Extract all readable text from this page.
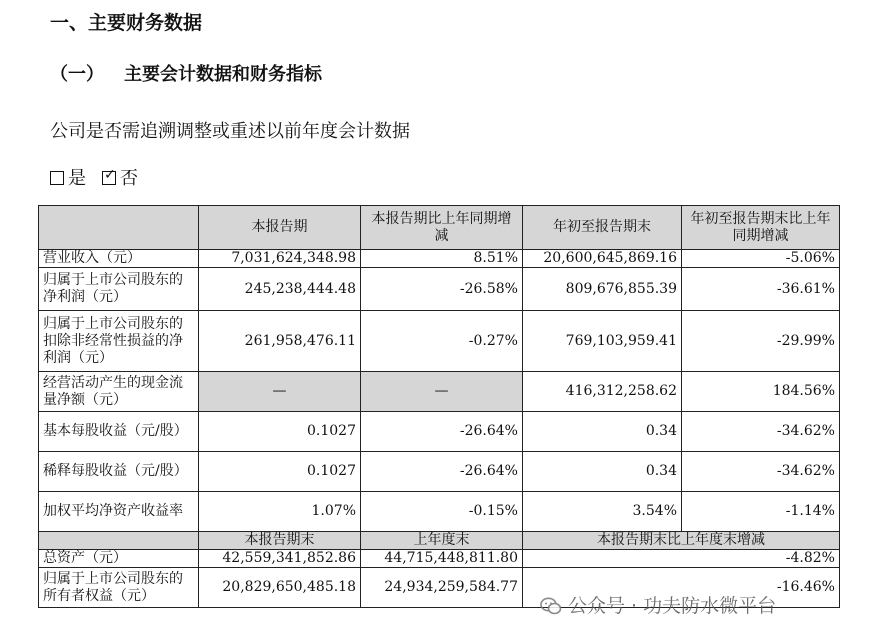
一、主要财务数据
（一） 主要会计数据和财务指标
公司是否需追溯调整或重述以前年度会计数据
是 ✓ 否
	本报告期	本报告期比上年同期增减	年初至报告期末	年初至报告期末比上年同期增减
营业收入（元）	7,031,624,348.98	8.51%	20,600,645,869.16	-5.06%
归属于上市公司股东的净利润（元）	245,238,444.48	-26.58%	809,676,855.39	-36.61%
归属于上市公司股东的扣除非经常性损益的净利润（元）	261,958,476.11	-0.27%	769,103,959.41	-29.99%
经营活动产生的现金流量净额（元）	—	—	416,312,258.62	184.56%
基本每股收益（元/股）	0.1027	-26.64%	0.34	-34.62%
稀释每股收益（元/股）	0.1027	-26.64%	0.34	-34.62%
加权平均净资产收益率	1.07%	-0.15%	3.54%	-1.14%
	本报告期末	上年度末	本报告期末比上年度末增减	
总资产（元）	42,559,341,852.86	44,715,448,811.80	-4.82%	
归属于上市公司股东的所有者权益（元）	20,829,650,485.18	24,934,259,584.77	-16.46%	
公众号 · 功夫防水微平台
